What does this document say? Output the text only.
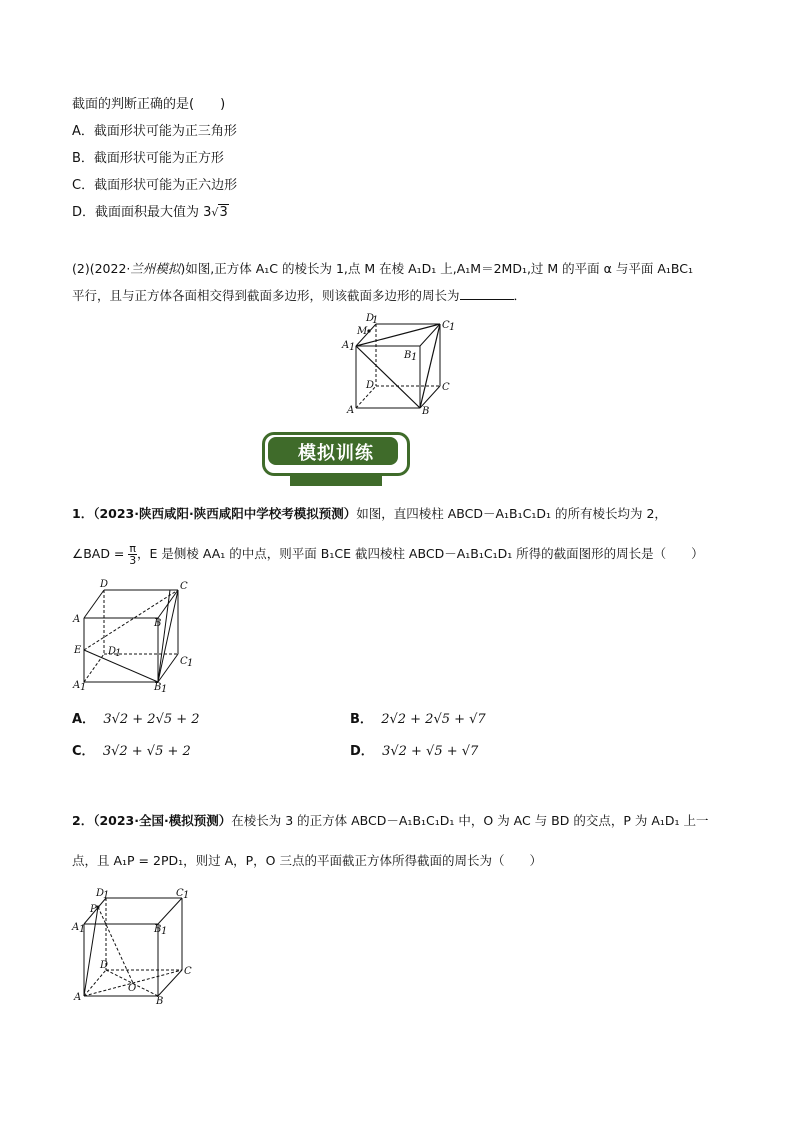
截面的判断正确的是(　　)
A．截面形状可能为正三角形
B．截面形状可能为正方形
C．截面形状可能为正六边形
D．截面面积最大值为 3√3
(2)(2022·兰州模拟)如图,正方体 A₁C 的棱长为 1,点 M 在棱 A₁D₁ 上,A₁M＝2MD₁,过 M 的平面 α 与平面 A₁BC₁
平行，且与正方体各面相交得到截面多边形，则该截面多边形的周长为	．
D
1
M
C 1
A 1
B 1
D	C
A	B
模拟训练
1．（2023·陕西咸阳·陕西咸阳中学校考模拟预测）如图，直四棱柱 ABCD－A₁B₁C₁D₁ 的所有棱长均为 2，
∠BAD = $\frac{\pi}{3}$ ，E 是侧棱 AA₁ 的中点，则平面 B₁CE 截四棱柱 ABCD－A₁B₁C₁D₁ 所得的截面图形的周长是（　　）
D	C
A	B
E	D
1
C 1
A 1	B 1
A． 3√2 + 2√5 + 2	B． 2√2 + 2√5 + √7
C． 3√2 + √5 + 2	D． 3√2 + √5 + √7
2．（2023·全国·模拟预测）在棱长为 3 的正方体 ABCD－A₁B₁C₁D₁ 中，O 为 AC 与 BD 的交点，P 为 A₁D₁ 上一
点，且 A₁P = 2PD₁，则过 A，P，O 三点的平面截正方体所得截面的周长为（　　）
D
1	C 1
P
A 1	B 1
D
C
O
A	B
